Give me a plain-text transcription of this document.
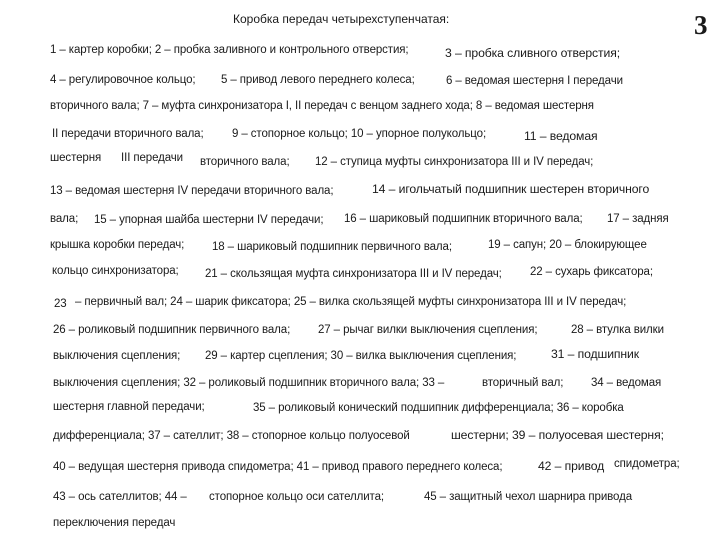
Коробка передач четырехступенчатая:	3
1 – картер коробки; 2 – пробка заливного и контрольного отверстия;	3 – пробка сливного отверстия;
4 – регулировочное кольцо; 5 – привод левого переднего колеса;	6 – ведомая шестерня I передачи
вторичного вала; 7 – муфта синхронизатора I, II передач с венцом заднего хода; 8 – ведомая шестерня
II передачи вторичного вала; 9 – стопорное кольцо; 10 – упорное полукольцо;	11 – ведомая
шестерня III передачи вторичного вала; 12 – ступица муфты синхронизатора III и IV передач;
13 – ведомая шестерня IV передачи вторичного вала;	14 – игольчатый подшипник шестерен вторичного
вала; 15 – упорная шайба шестерни IV передачи; 16 – шариковый подшипник вторичного вала; 17 – задняя
крышка коробки передач; 18 – шариковый подшипник первичного вала;	19 – сапун; 20 – блокирующее
кольцо синхронизатора; 21 – скользящая муфта синхронизатора III и IV передач; 22 – сухарь фиксатора;
23 – первичный вал; 24 – шарик фиксатора; 25 – вилка скользящей муфты синхронизатора III и IV передач;
26 – роликовый подшипник первичного вала; 27 – рычаг вилки выключения сцепления;	28 – втулка вилки
выключения сцепления; 29 – картер сцепления; 30 – вилка выключения сцепления;	31 – подшипник
выключения сцепления; 32 – роликовый подшипник вторичного вала; 33 –	вторичный вал; 34 – ведомая
шестерня главной передачи;	35 – роликовый конический подшипник дифференциала; 36 – коробка
дифференциала; 37 – сателлит; 38 – стопорное кольцо полуосевой	шестерни; 39 – полуосевая шестерня;
40 – ведущая шестерня привода спидометра; 41 – привод правого переднего колеса;	42 – привод спидометра;
43 – ось сателлитов; 44 – стопорное кольцо оси сателлита;	45 – защитный чехол шарнира привода
переключения передач
